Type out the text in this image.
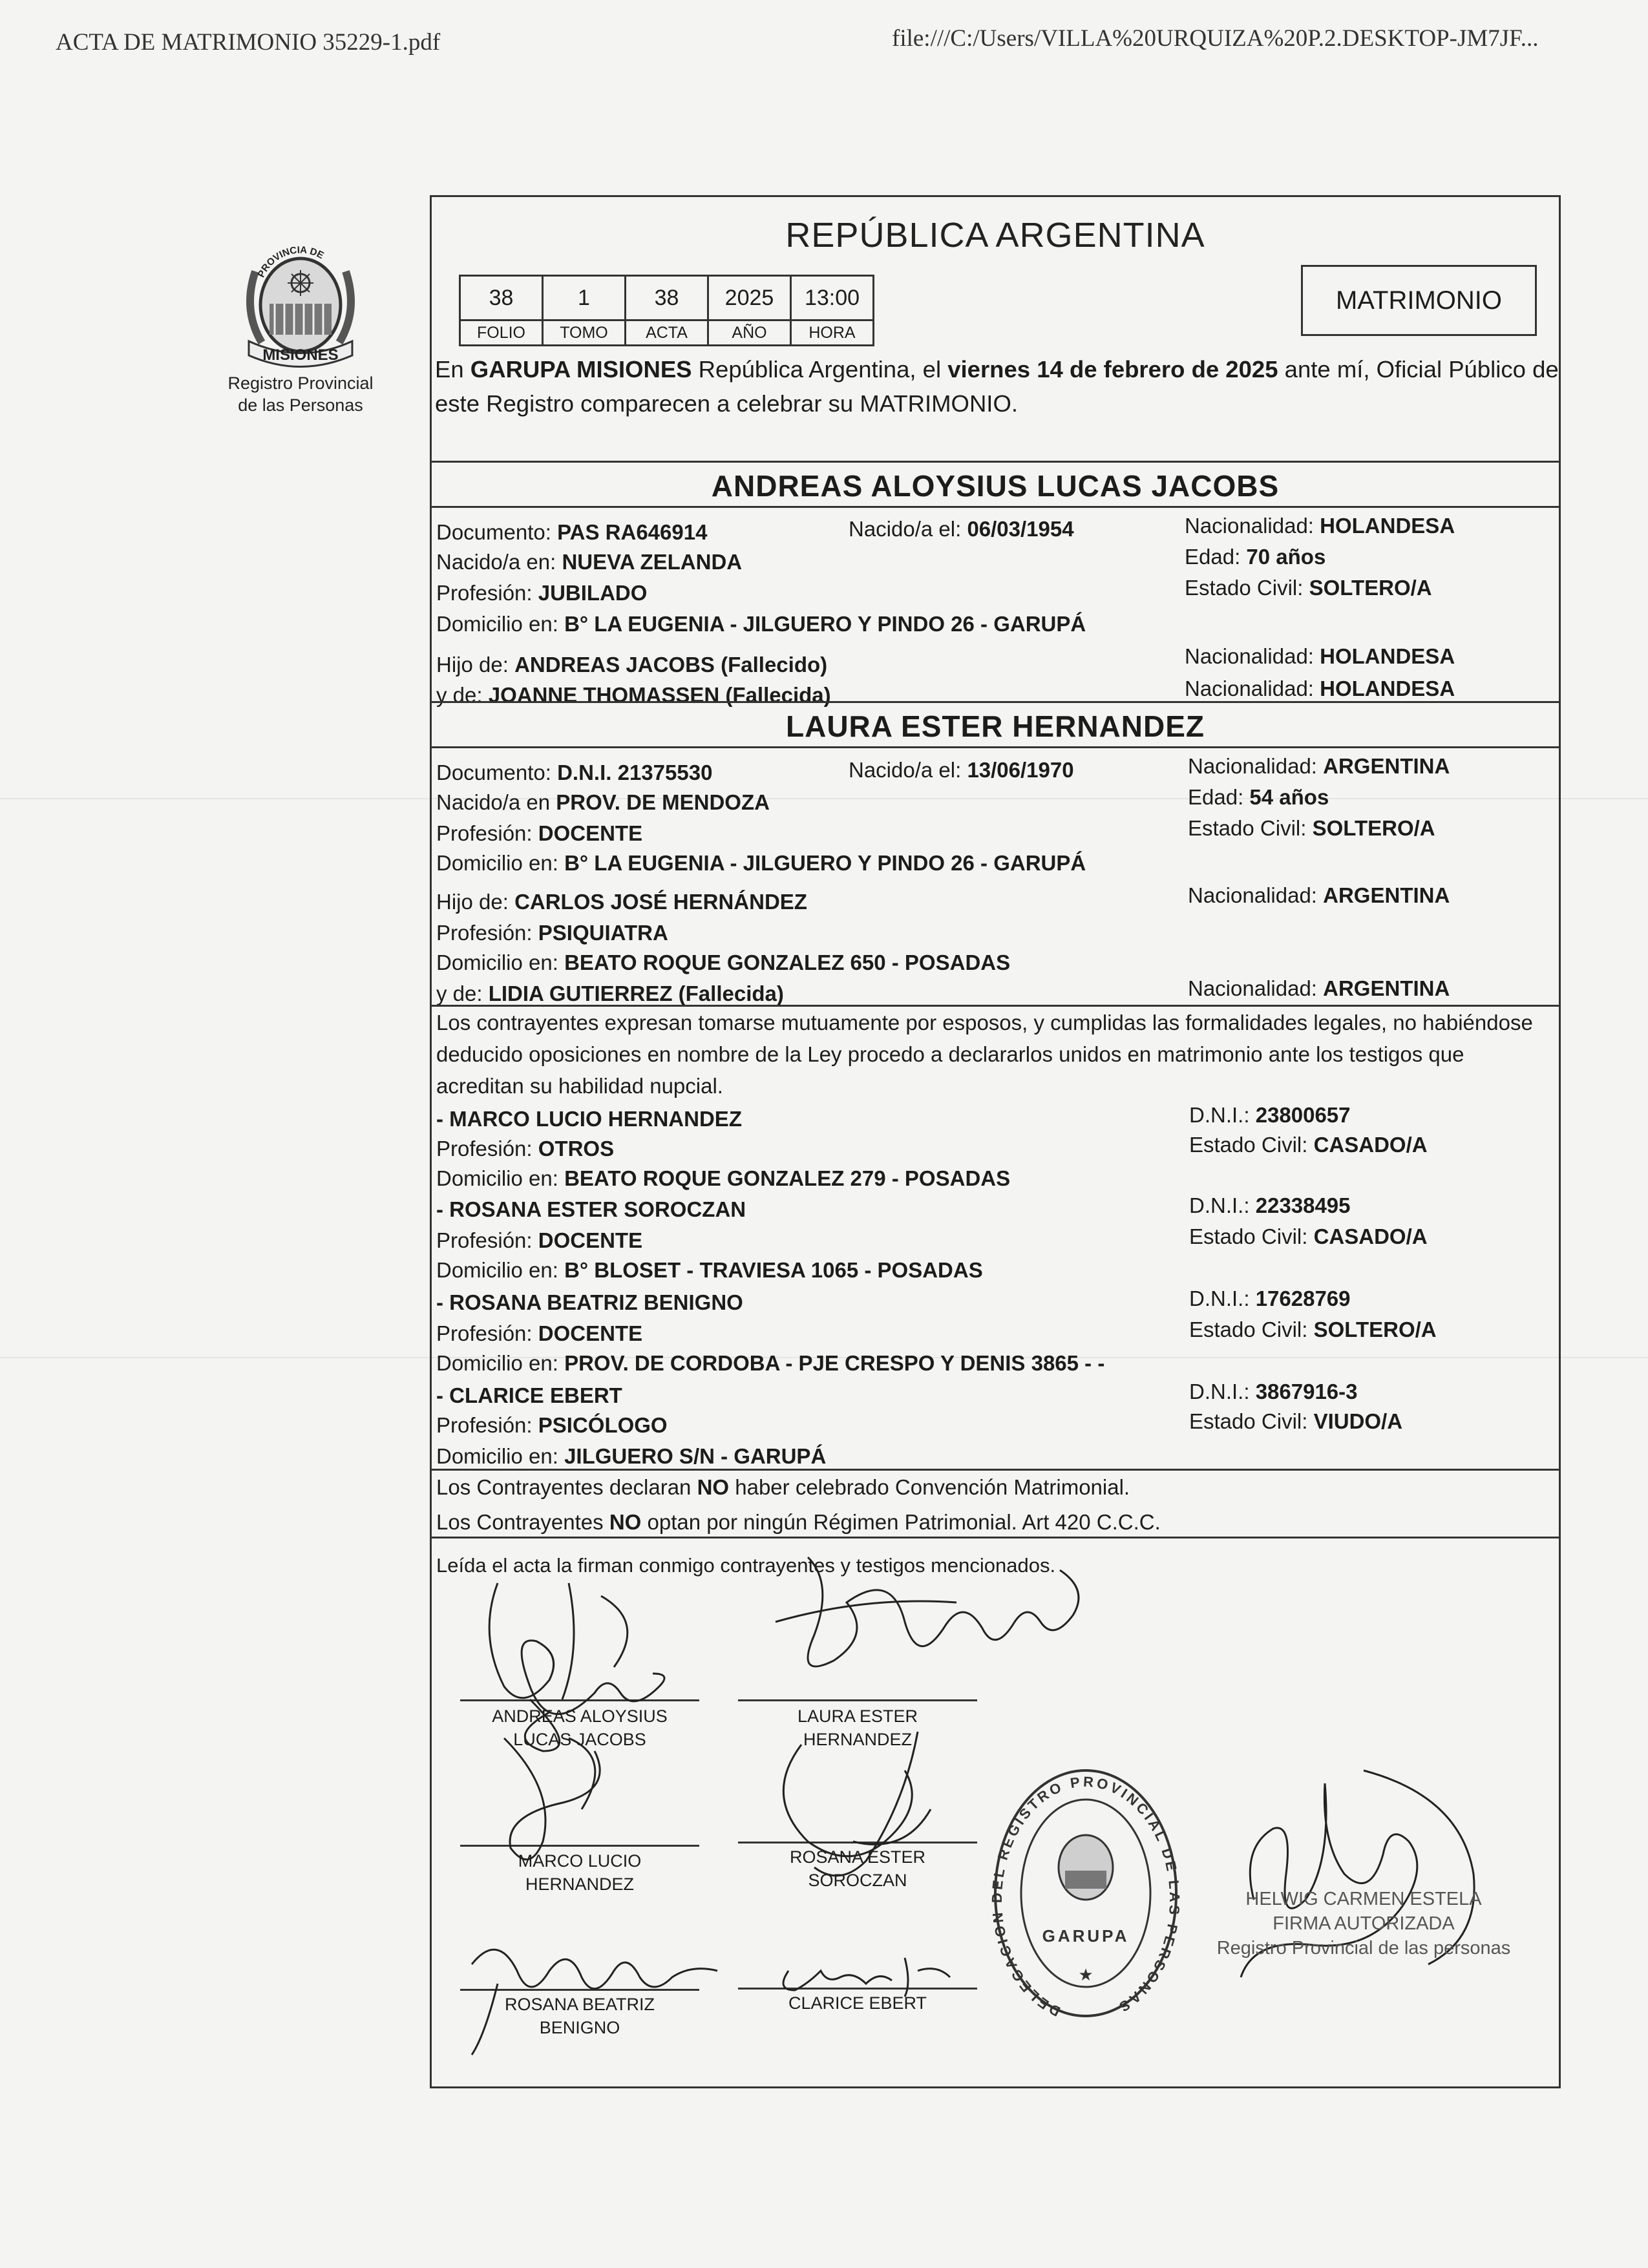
ACTA DE MATRIMONIO 35229-1.pdf	file:///C:/Users/VILLA%20URQUIZA%20P.2.DESKTOP-JM7JF...
PROVINCIA DE
MISIONES
Registro Provincial
de las Personas
REPÚBLICA ARGENTINA
38	1	38	2025	13:00
FOLIO	TOMO	ACTA	AÑO	HORA
MATRIMONIO
En GARUPA MISIONES República Argentina, el viernes 14 de febrero de 2025 ante mí, Oficial Público de este Registro comparecen a celebrar su MATRIMONIO.
ANDREAS ALOYSIUS LUCAS JACOBS
Documento: PAS RA646914	Nacido/a el: 06/03/1954	Nacionalidad: HOLANDESA
Nacido/a en: NUEVA ZELANDA	Edad: 70 años
Profesión: JUBILADO	Estado Civil: SOLTERO/A
Domicilio en: B° LA EUGENIA - JILGUERO Y PINDO 26 - GARUPÁ
Hijo de: ANDREAS JACOBS (Fallecido)	Nacionalidad: HOLANDESA
y de: JOANNE THOMASSEN (Fallecida)	Nacionalidad: HOLANDESA
LAURA ESTER HERNANDEZ
Documento: D.N.I. 21375530	Nacido/a el: 13/06/1970	Nacionalidad: ARGENTINA
Nacido/a en PROV. DE MENDOZA	Edad: 54 años
Profesión: DOCENTE	Estado Civil: SOLTERO/A
Domicilio en: B° LA EUGENIA - JILGUERO Y PINDO 26 - GARUPÁ
Hijo de: CARLOS JOSÉ HERNÁNDEZ	Nacionalidad: ARGENTINA
Profesión: PSIQUIATRA
Domicilio en: BEATO ROQUE GONZALEZ 650 - POSADAS
y de: LIDIA GUTIERREZ (Fallecida)	Nacionalidad: ARGENTINA
Los contrayentes expresan tomarse mutuamente por esposos, y cumplidas las formalidades legales, no habiéndose deducido oposiciones en nombre de la Ley procedo a declararlos unidos en matrimonio ante los testigos que acreditan su habilidad nupcial.
- MARCO LUCIO HERNANDEZ	D.N.I.: 23800657
Profesión: OTROS	Estado Civil: CASADO/A
Domicilio en: BEATO ROQUE GONZALEZ 279 - POSADAS
- ROSANA ESTER SOROCZAN	D.N.I.: 22338495
Profesión: DOCENTE	Estado Civil: CASADO/A
Domicilio en: B° BLOSET - TRAVIESA 1065 - POSADAS
- ROSANA BEATRIZ BENIGNO	D.N.I.: 17628769
Profesión: DOCENTE	Estado Civil: SOLTERO/A
Domicilio en: PROV. DE CORDOBA - PJE CRESPO Y DENIS 3865 - -
- CLARICE EBERT	D.N.I.: 3867916-3
Profesión: PSICÓLOGO	Estado Civil: VIUDO/A
Domicilio en: JILGUERO S/N - GARUPÁ
Los Contrayentes declaran NO haber celebrado Convención Matrimonial.
Los Contrayentes NO optan por ningún Régimen Patrimonial. Art 420 C.C.C.
Leída el acta la firman conmigo contrayentes y testigos mencionados.
ANDREAS ALOYSIUS
LUCAS JACOBS
LAURA ESTER
HERNANDEZ
MARCO LUCIO
HERNANDEZ
ROSANA ESTER
SOROCZAN
ROSANA BEATRIZ
BENIGNO
CLARICE EBERT	DELEGACION DEL REGISTRO PROVINCIAL DE LAS PERSONAS
GARUPA
★
HELWIG CARMEN ESTELA
FIRMA AUTORIZADA
Registro Provincial de las personas
